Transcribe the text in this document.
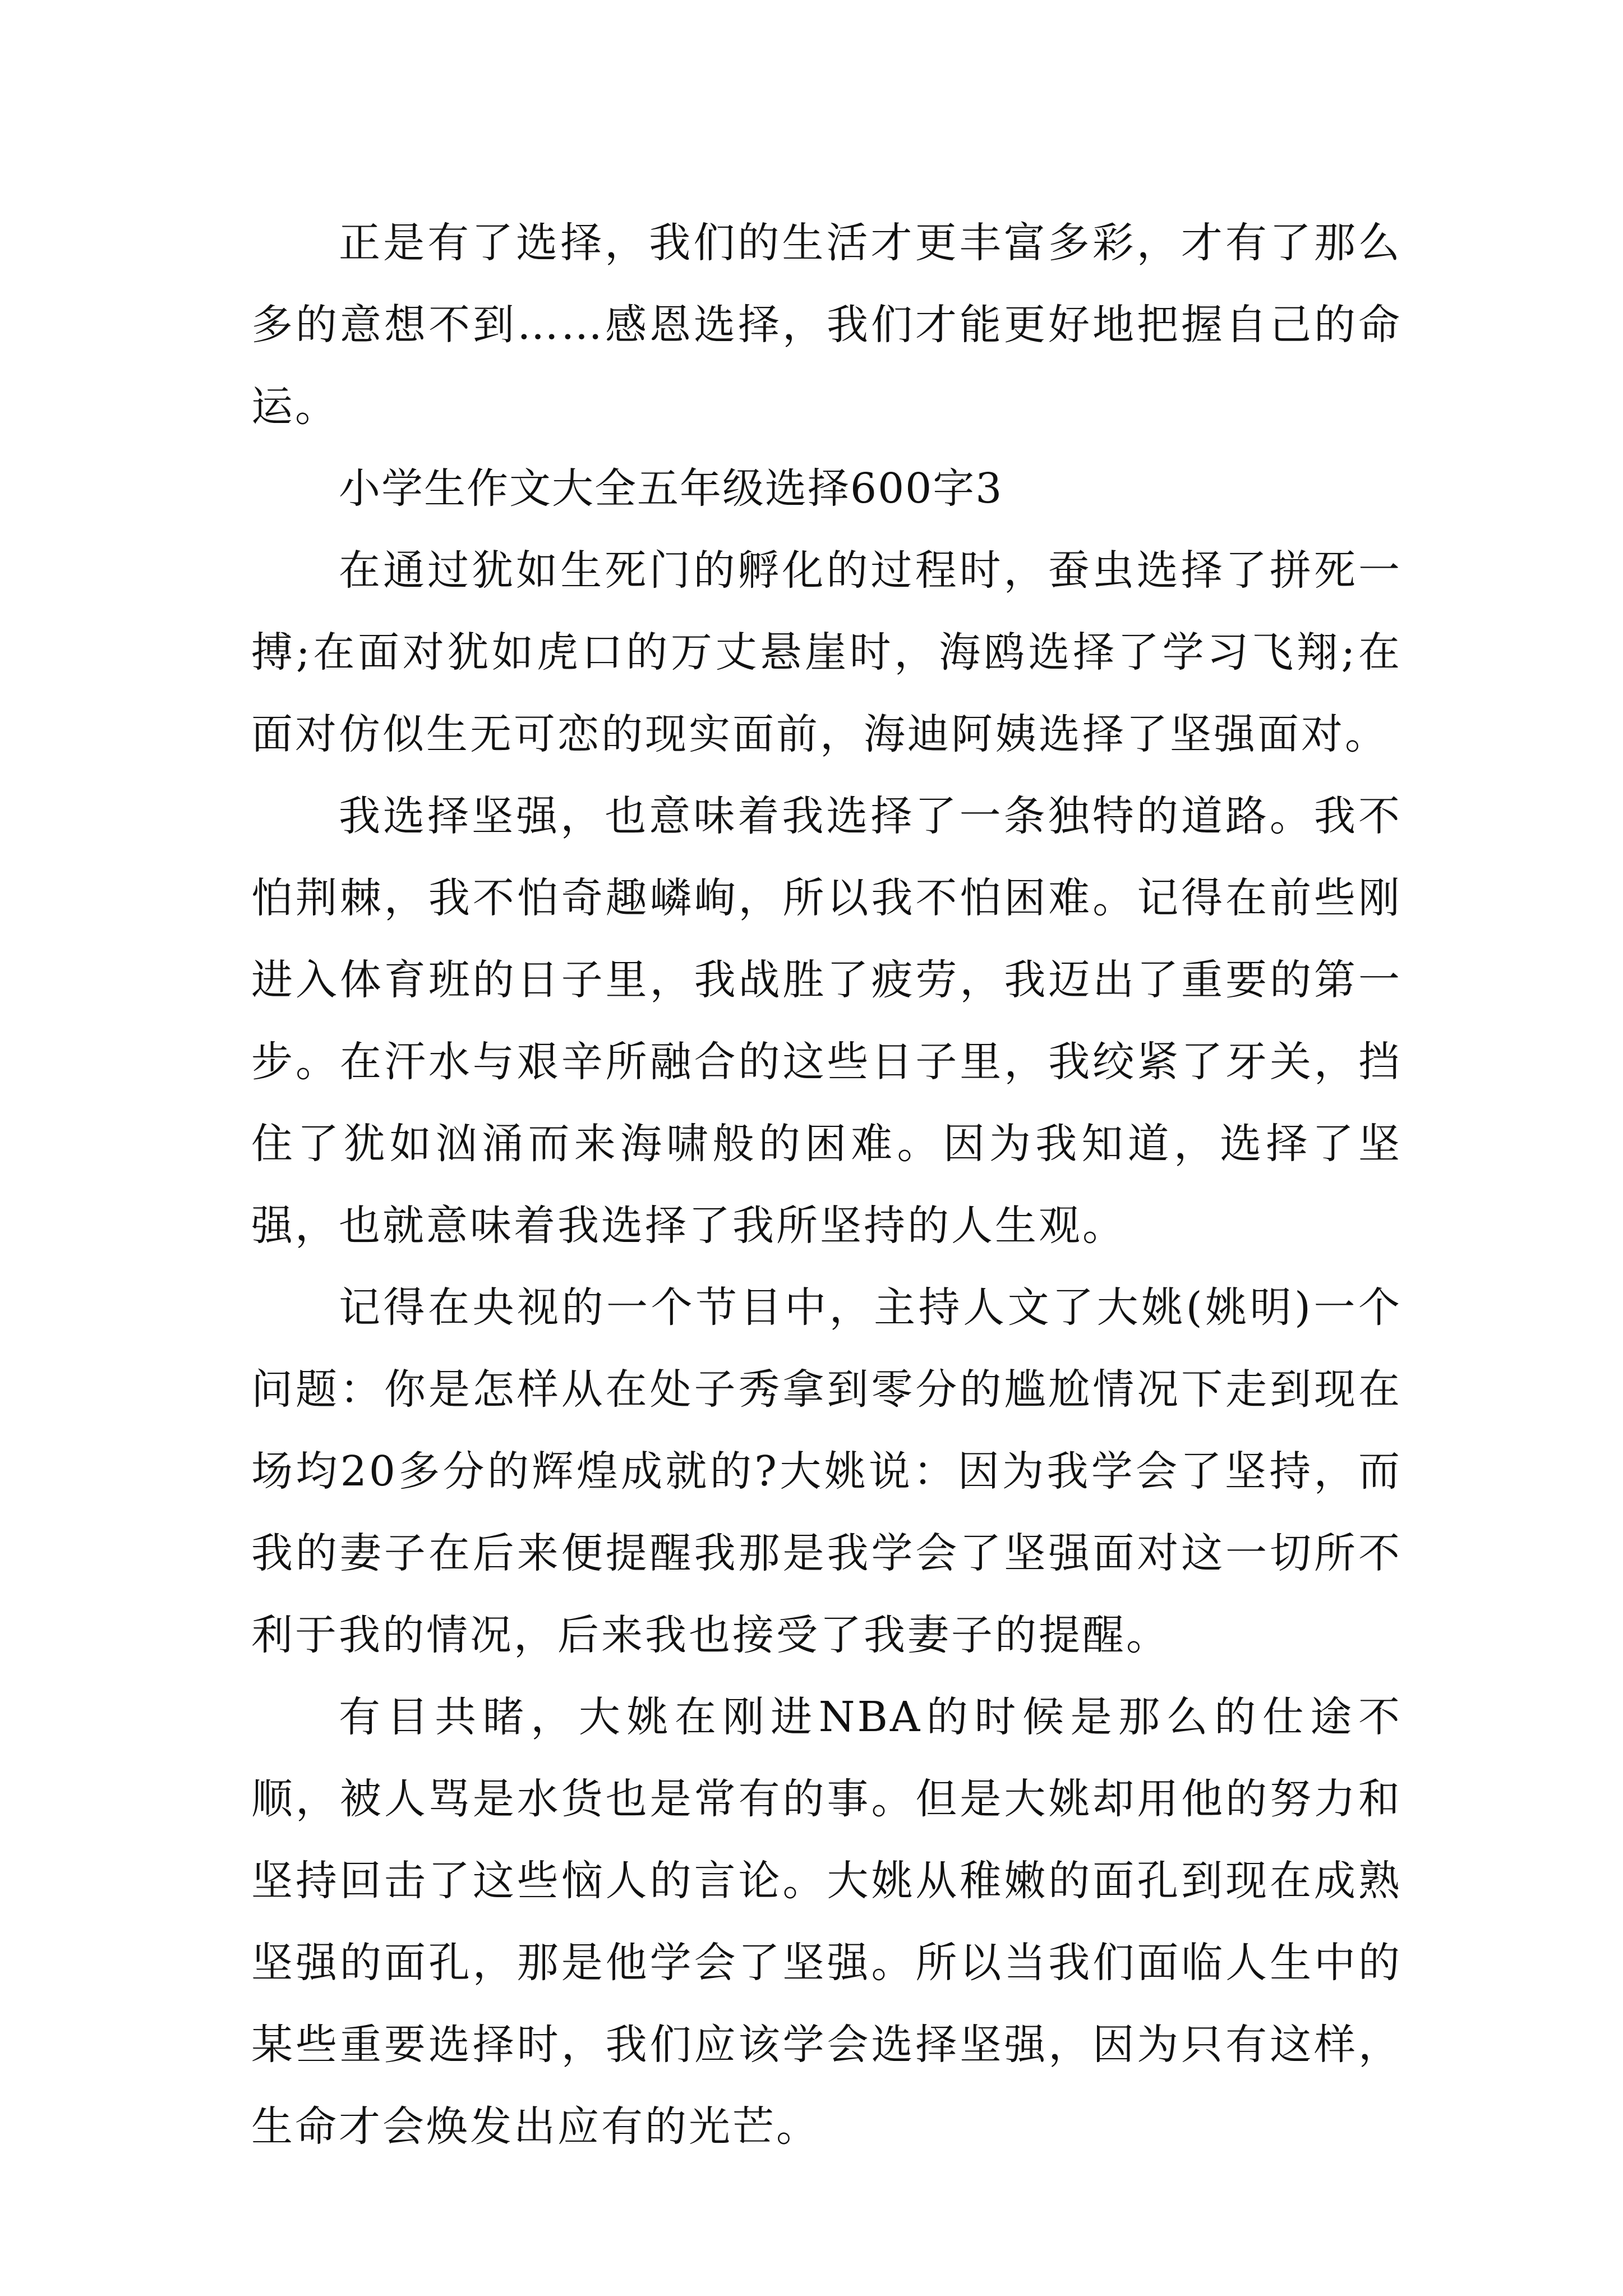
正是有了选择，我们的生活才更丰富多彩，才有了那么多的意想不到……感恩选择，我们才能更好地把握自己的命运。

小学生作文大全五年级选择600字3

在通过犹如生死门的孵化的过程时，蚕虫选择了拼死一搏;在面对犹如虎口的万丈悬崖时，海鸥选择了学习飞翔;在面对仿似生无可恋的现实面前，海迪阿姨选择了坚强面对。

我选择坚强，也意味着我选择了一条独特的道路。我不怕荆棘，我不怕奇趣嶙峋，所以我不怕困难。记得在前些刚进入体育班的日子里，我战胜了疲劳，我迈出了重要的第一步。在汗水与艰辛所融合的这些日子里，我绞紧了牙关，挡住了犹如汹涌而来海啸般的困难。因为我知道，选择了坚强，也就意味着我选择了我所坚持的人生观。

记得在央视的一个节目中，主持人文了大姚(姚明)一个问题：你是怎样从在处子秀拿到零分的尴尬情况下走到现在场均20多分的辉煌成就的?大姚说：因为我学会了坚持，而我的妻子在后来便提醒我那是我学会了坚强面对这一切所不利于我的情况，后来我也接受了我妻子的提醒。

有目共睹，大姚在刚进NBA的时候是那么的仕途不顺，被人骂是水货也是常有的事。但是大姚却用他的努力和坚持回击了这些恼人的言论。大姚从稚嫩的面孔到现在成熟坚强的面孔，那是他学会了坚强。所以当我们面临人生中的某些重要选择时，我们应该学会选择坚强，因为只有这样，生命才会焕发出应有的光芒。
